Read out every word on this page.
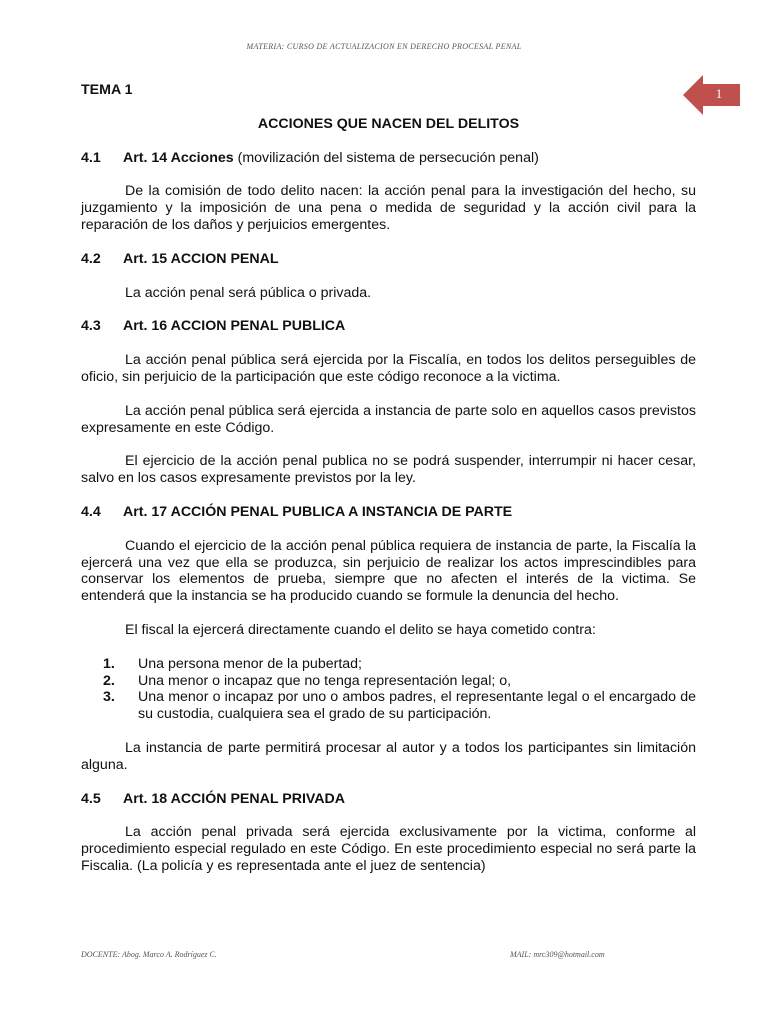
MATERIA: CURSO DE ACTUALIZACION EN DERECHO PROCESAL PENAL
1
TEMA 1
ACCIONES QUE NACEN DEL DELITOS
4.1 Art. 14 Acciones (movilización del sistema de persecución penal)

De la comisión de todo delito nacen: la acción penal para la investigación del hecho, su juzgamiento y la imposición de una pena o medida de seguridad y la acción civil para la reparación de los daños y perjuicios emergentes.

4.2 Art. 15 ACCION PENAL

La acción penal será pública o privada.

4.3 Art. 16 ACCION PENAL PUBLICA

La acción penal pública será ejercida por la Fiscalía, en todos los delitos perseguibles de oficio, sin perjuicio de la participación que este código reconoce a la victima.

La acción penal pública será ejercida a instancia de parte solo en aquellos casos previstos expresamente en este Código.

El ejercicio de la acción penal publica no se podrá suspender, interrumpir ni hacer cesar, salvo en los casos expresamente previstos por la ley.

4.4 Art. 17 ACCIÓN PENAL PUBLICA A INSTANCIA DE PARTE

Cuando el ejercicio de la acción penal pública requiera de instancia de parte, la Fiscalía la ejercerá una vez que ella se produzca, sin perjuicio de realizar los actos imprescindibles para conservar los elementos de prueba, siempre que no afecten el interés de la victima. Se entenderá que la instancia se ha producido cuando se formule la denuncia del hecho.

El fiscal la ejercerá directamente cuando el delito se haya cometido contra:

1. Una persona menor de la pubertad;
2. Una menor o incapaz que no tenga representación legal; o,
3. Una menor o incapaz por uno o ambos padres, el representante legal o el encargado de su custodia, cualquiera sea el grado de su participación.

La instancia de parte permitirá procesar al autor y a todos los participantes sin limitación alguna.

4.5 Art. 18 ACCIÓN PENAL PRIVADA

La acción penal privada será ejercida exclusivamente por la victima, conforme al procedimiento especial regulado en este Código. En este procedimiento especial no será parte la Fiscalia. (La policía y es representada ante el juez de sentencia)

DOCENTE: Abog. Marco A. Rodríguez C.	MAIL: mrc309@hotmail.com
